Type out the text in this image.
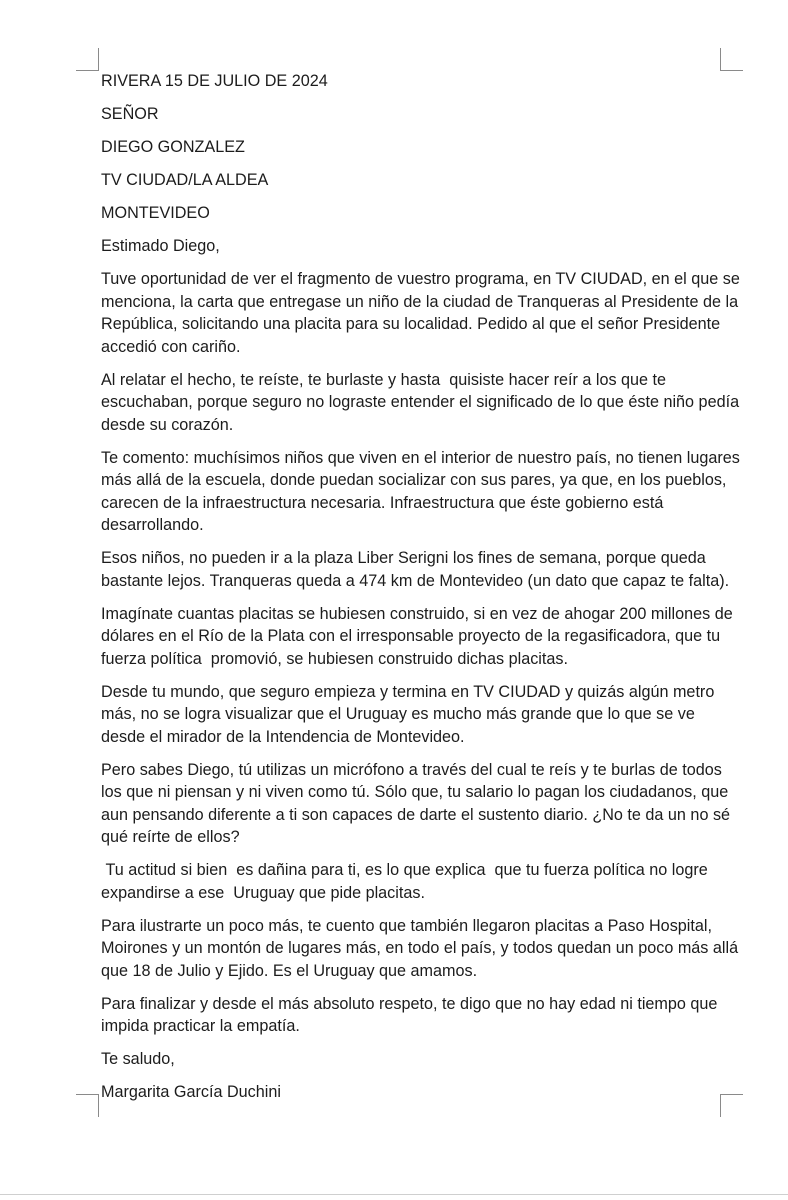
RIVERA 15 DE JULIO DE 2024

SEÑOR

DIEGO GONZALEZ

TV CIUDAD/LA ALDEA

MONTEVIDEO

Estimado Diego,

Tuve oportunidad de ver el fragmento de vuestro programa, en TV CIUDAD, en el que se menciona, la carta que entregase un niño de la ciudad de Tranqueras al Presidente de la República, solicitando una placita para su localidad. Pedido al que el señor Presidente accedió con cariño.

Al relatar el hecho, te reíste, te burlaste y hasta  quisiste hacer reír a los que te escuchaban, porque seguro no lograste entender el significado de lo que éste niño pedía desde su corazón.

Te comento: muchísimos niños que viven en el interior de nuestro país, no tienen lugares más allá de la escuela, donde puedan socializar con sus pares, ya que, en los pueblos, carecen de la infraestructura necesaria. Infraestructura que éste gobierno está desarrollando.

Esos niños, no pueden ir a la plaza Liber Serigni los fines de semana, porque queda bastante lejos. Tranqueras queda a 474 km de Montevideo (un dato que capaz te falta).

Imagínate cuantas placitas se hubiesen construido, si en vez de ahogar 200 millones de dólares en el Río de la Plata con el irresponsable proyecto de la regasificadora, que tu fuerza política  promovió, se hubiesen construido dichas placitas.

Desde tu mundo, que seguro empieza y termina en TV CIUDAD y quizás algún metro más, no se logra visualizar que el Uruguay es mucho más grande que lo que se ve desde el mirador de la Intendencia de Montevideo.

Pero sabes Diego, tú utilizas un micrófono a través del cual te reís y te burlas de todos los que ni piensan y ni viven como tú. Sólo que, tu salario lo pagan los ciudadanos, que aun pensando diferente a ti son capaces de darte el sustento diario. ¿No te da un no sé qué reírte de ellos?

Tu actitud si bien  es dañina para ti, es lo que explica  que tu fuerza política no logre expandirse a ese  Uruguay que pide placitas.

Para ilustrarte un poco más, te cuento que también llegaron placitas a Paso Hospital, Moirones y un montón de lugares más, en todo el país, y todos quedan un poco más allá que 18 de Julio y Ejido. Es el Uruguay que amamos.

Para finalizar y desde el más absoluto respeto, te digo que no hay edad ni tiempo que impida practicar la empatía.

Te saludo,

Margarita García Duchini
